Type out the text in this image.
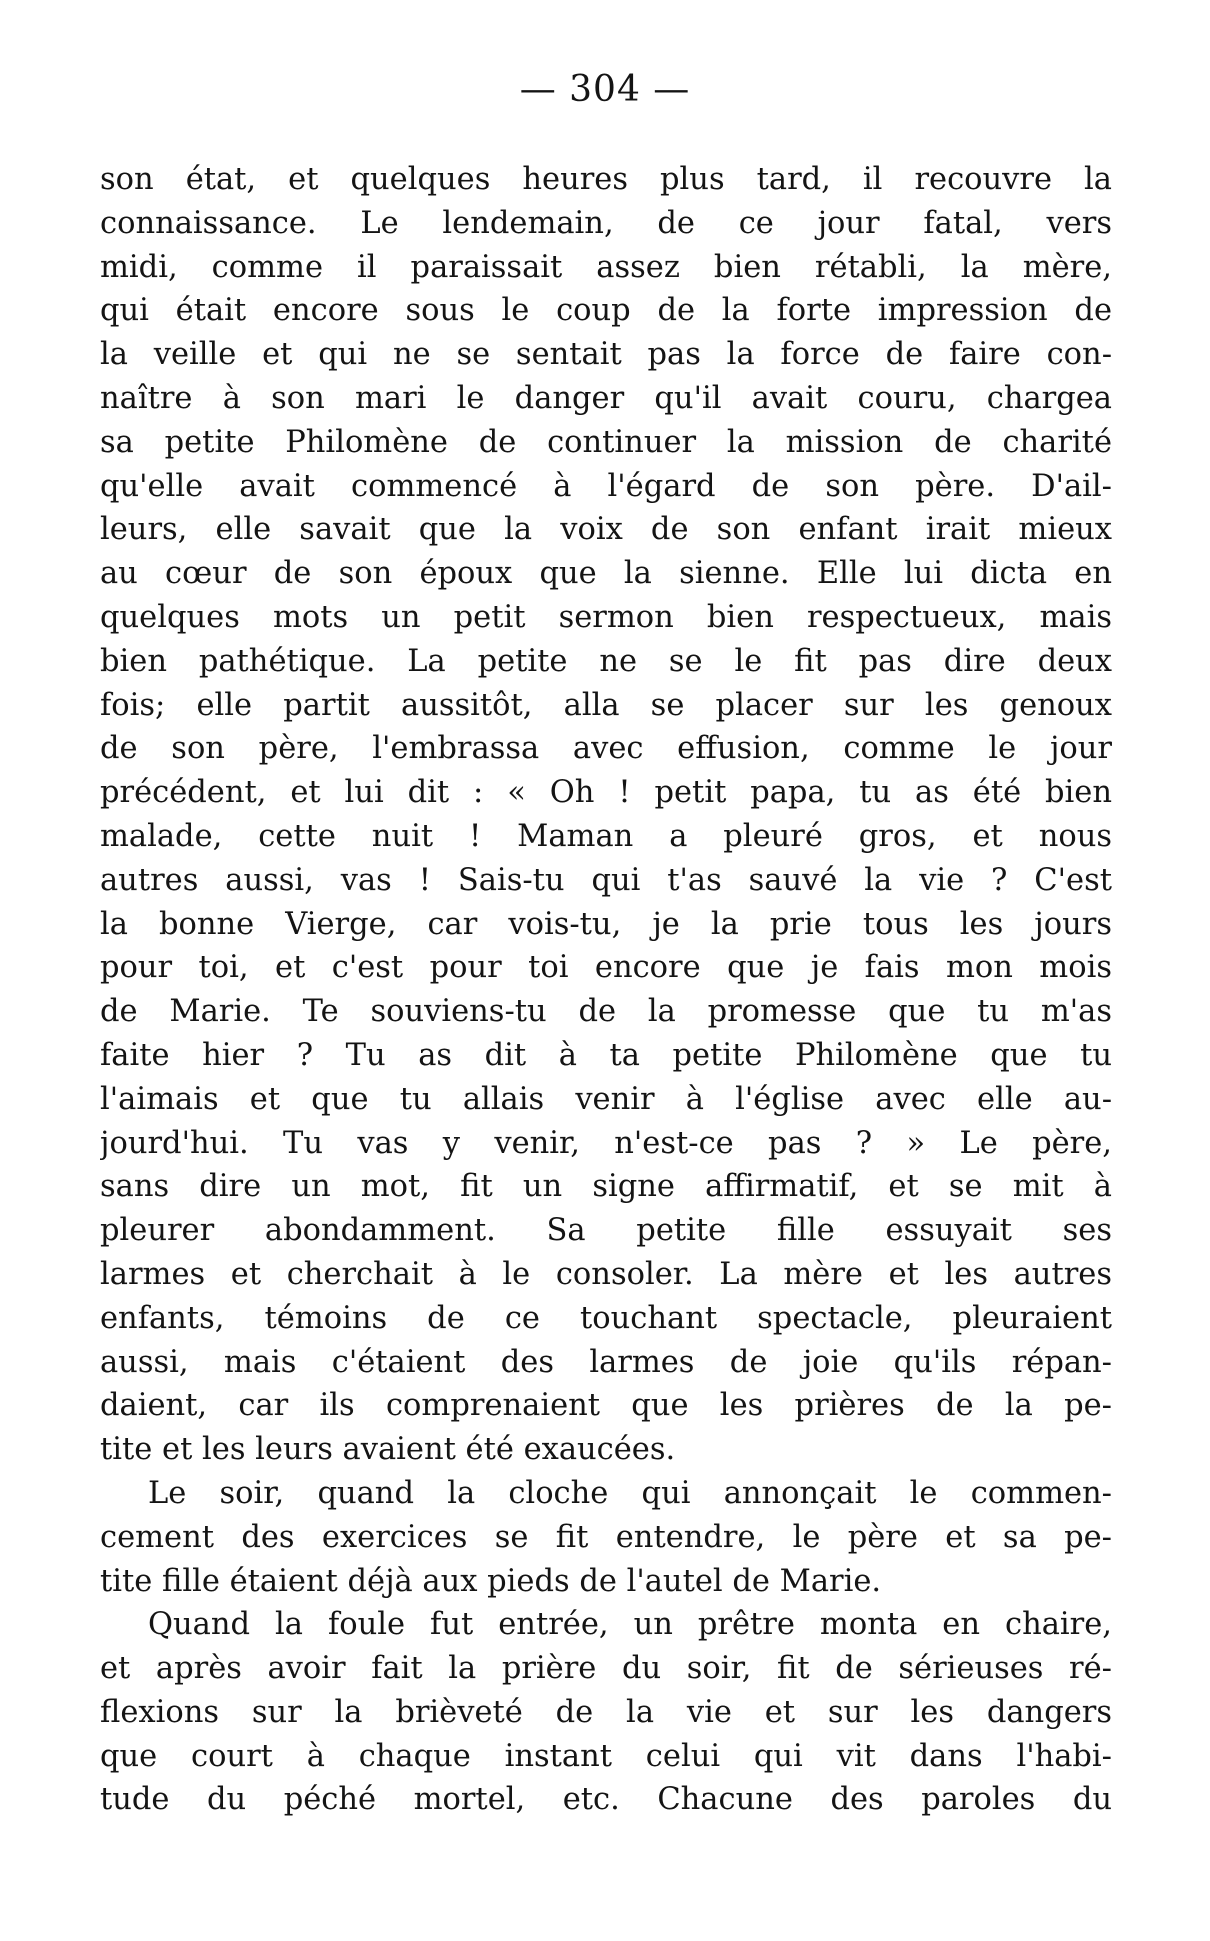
— 304 —
son état, et quelques heures plus tard, il recouvre la
connaissance. Le lendemain, de ce jour fatal, vers
midi, comme il paraissait assez bien rétabli, la mère,
qui était encore sous le coup de la forte impression de
la veille et qui ne se sentait pas la force de faire con-
naître à son mari le danger qu'il avait couru, chargea
sa petite Philomène de continuer la mission de charité
qu'elle avait commencé à l'égard de son père. D'ail-
leurs, elle savait que la voix de son enfant irait mieux
au cœur de son époux que la sienne. Elle lui dicta en
quelques mots un petit sermon bien respectueux, mais
bien pathétique. La petite ne se le fit pas dire deux
fois; elle partit aussitôt, alla se placer sur les genoux
de son père, l'embrassa avec effusion, comme le jour
précédent, et lui dit : « Oh ! petit papa, tu as été bien
malade, cette nuit ! Maman a pleuré gros, et nous
autres aussi, vas ! Sais-tu qui t'as sauvé la vie ? C'est
la bonne Vierge, car vois-tu, je la prie tous les jours
pour toi, et c'est pour toi encore que je fais mon mois
de Marie. Te souviens-tu de la promesse que tu m'as
faite hier ? Tu as dit à ta petite Philomène que tu
l'aimais et que tu allais venir à l'église avec elle au-
jourd'hui. Tu vas y venir, n'est-ce pas ? » Le père,
sans dire un mot, fit un signe affirmatif, et se mit à
pleurer abondamment. Sa petite fille essuyait ses
larmes et cherchait à le consoler. La mère et les autres
enfants, témoins de ce touchant spectacle, pleuraient
aussi, mais c'étaient des larmes de joie qu'ils répan-
daient, car ils comprenaient que les prières de la pe-
tite et les leurs avaient été exaucées.
Le soir, quand la cloche qui annonçait le commen-
cement des exercices se fit entendre, le père et sa pe-
tite fille étaient déjà aux pieds de l'autel de Marie.
Quand la foule fut entrée, un prêtre monta en chaire,
et après avoir fait la prière du soir, fit de sérieuses ré-
flexions sur la brièveté de la vie et sur les dangers
que court à chaque instant celui qui vit dans l'habi-
tude du péché mortel, etc. Chacune des paroles du
